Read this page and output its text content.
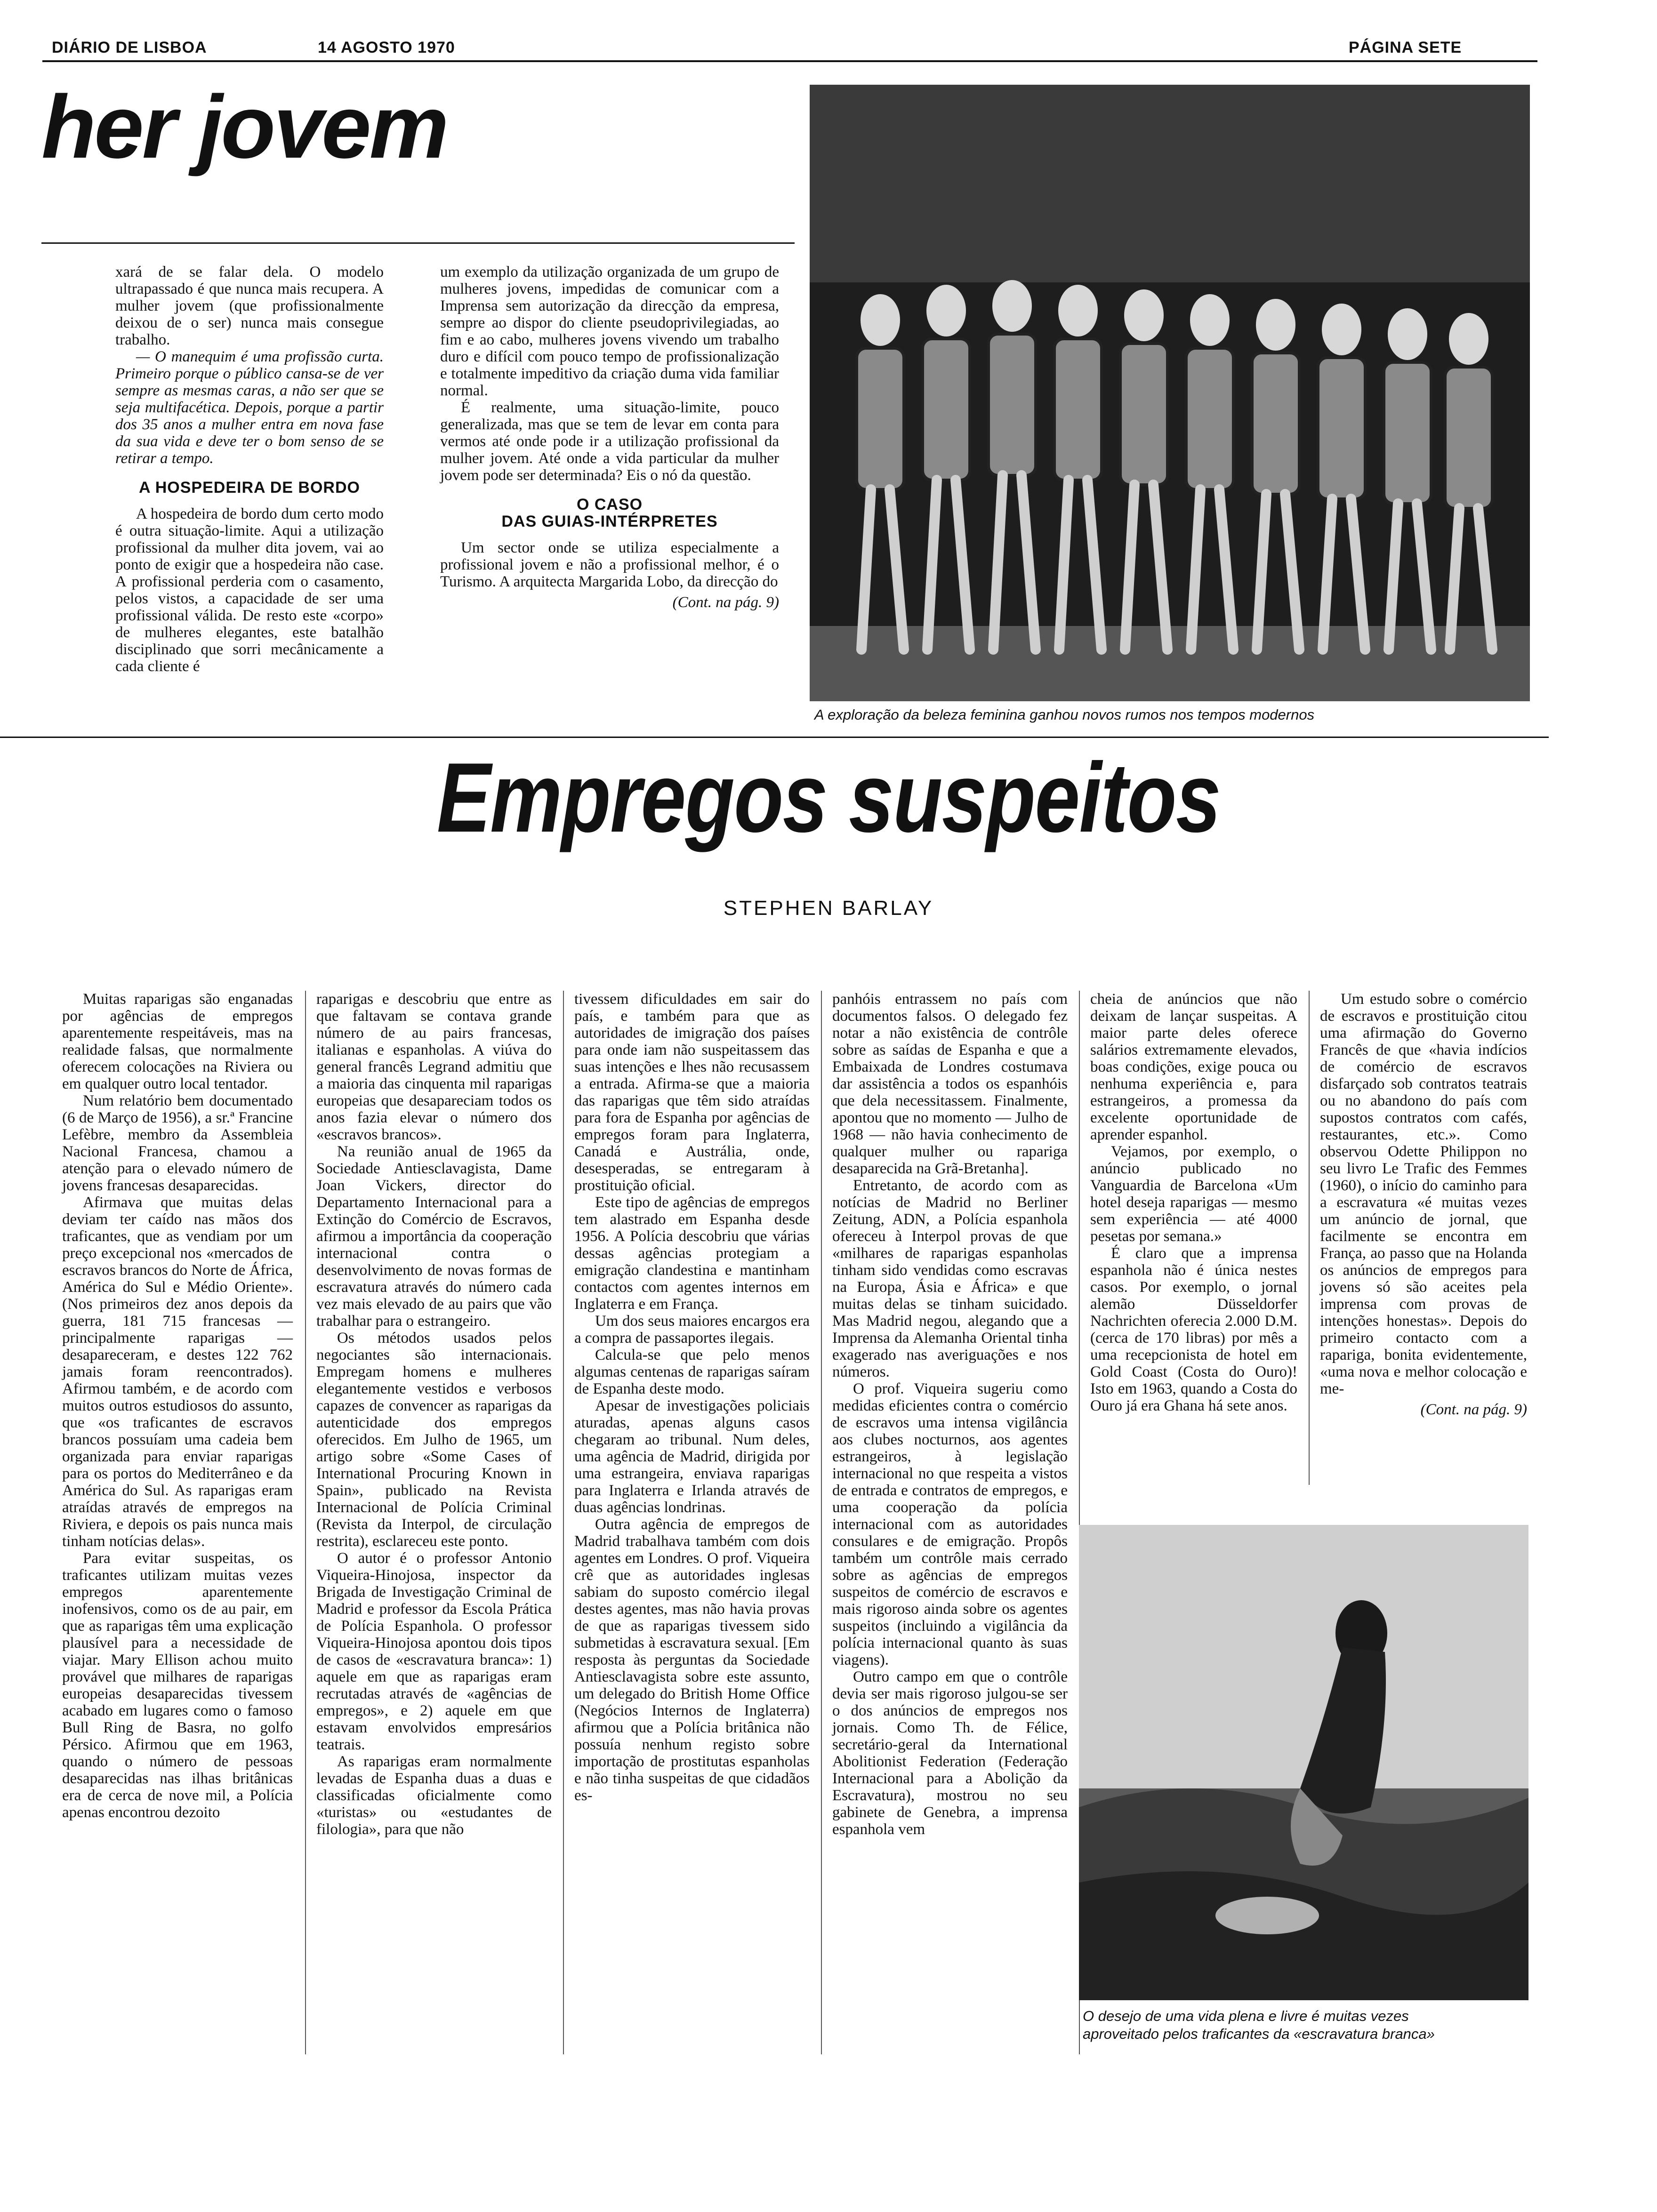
DIÁRIO DE LISBOA	14 AGOSTO 1970	PÁGINA SETE
her jovem

xará de se falar dela. O modelo ultrapassado é que nunca mais recupera. A mulher jovem (que profissionalmente deixou de o ser) nunca mais consegue trabalho.

— O manequim é uma profissão curta. Primeiro porque o público cansa-se de ver sempre as mesmas caras, a não ser que se seja multifacética. Depois, porque a partir dos 35 anos a mulher entra em nova fase da sua vida e deve ter o bom senso de se retirar a tempo.

A HOSPEDEIRA DE BORDO

A hospedeira de bordo dum certo modo é outra situação-limite. Aqui a utilização profissional da mulher dita jovem, vai ao ponto de exigir que a hospedeira não case. A profissional perderia com o casamento, pelos vistos, a capacidade de ser uma profissional válida. De resto este «corpo» de mulheres elegantes, este batalhão disciplinado que sorri mecânicamente a cada cliente é

um exemplo da utilização organizada de um grupo de mulheres jovens, impedidas de comunicar com a Imprensa sem autorização da direcção da empresa, sempre ao dispor do cliente pseudoprivilegiadas, ao fim e ao cabo, mulheres jovens vivendo um trabalho duro e difícil com pouco tempo de profissionalização e totalmente impeditivo da criação duma vida familiar normal.

É realmente, uma situação-limite, pouco generalizada, mas que se tem de levar em conta para vermos até onde pode ir a utilização profissional da mulher jovem. Até onde a vida particular da mulher jovem pode ser determinada? Eis o nó da questão.

O CASO
DAS GUIAS-INTÉRPRETES

Um sector onde se utiliza especialmente a profissional jovem e não a profissional melhor, é o Turismo. A arquitecta Margarida Lobo, da direcção do

(Cont. na pág. 9)
A exploração da beleza feminina ganhou novos rumos nos tempos modernos
Empregos suspeitos
STEPHEN BARLAY

Muitas raparigas são enganadas por agências de empregos aparentemente respeitáveis, mas na realidade falsas, que normalmente oferecem colocações na Riviera ou em qualquer outro local tentador.

Num relatório bem documentado (6 de Março de 1956), a sr.ª Francine Lefèbre, membro da Assembleia Nacional Francesa, chamou a atenção para o elevado número de jovens francesas desaparecidas.

Afirmava que muitas delas deviam ter caído nas mãos dos traficantes, que as vendiam por um preço excepcional nos «mercados de escravos brancos do Norte de África, América do Sul e Médio Oriente». (Nos primeiros dez anos depois da guerra, 181 715 francesas — principalmente raparigas — desapareceram, e destes 122 762 jamais foram reencontrados). Afirmou também, e de acordo com muitos outros estudiosos do assunto, que «os traficantes de escravos brancos possuíam uma cadeia bem organizada para enviar raparigas para os portos do Mediterrâneo e da América do Sul. As raparigas eram atraídas através de empregos na Riviera, e depois os pais nunca mais tinham notícias delas».

Para evitar suspeitas, os traficantes utilizam muitas vezes empregos aparentemente inofensivos, como os de au pair, em que as raparigas têm uma explicação plausível para a necessidade de viajar. Mary Ellison achou muito provável que milhares de raparigas europeias desaparecidas tivessem acabado em lugares como o famoso Bull Ring de Basra, no golfo Pérsico. Afirmou que em 1963, quando o número de pessoas desaparecidas nas ilhas britânicas era de cerca de nove mil, a Polícia apenas encontrou dezoito

raparigas e descobriu que entre as que faltavam se contava grande número de au pairs francesas, italianas e espanholas. A viúva do general francês Legrand admitiu que a maioria das cinquenta mil raparigas europeias que desapareciam todos os anos fazia elevar o número dos «escravos brancos».

Na reunião anual de 1965 da Sociedade Antiesclavagista, Dame Joan Vickers, director do Departamento Internacional para a Extinção do Comércio de Escravos, afirmou a importância da cooperação internacional contra o desenvolvimento de novas formas de escravatura através do número cada vez mais elevado de au pairs que vão trabalhar para o estrangeiro.

Os métodos usados pelos negociantes são internacionais. Empregam homens e mulheres elegantemente vestidos e verbosos capazes de convencer as raparigas da autenticidade dos empregos oferecidos. Em Julho de 1965, um artigo sobre «Some Cases of International Procuring Known in Spain», publicado na Revista Internacional de Polícia Criminal (Revista da Interpol, de circulação restrita), esclareceu este ponto.

O autor é o professor Antonio Viqueira-Hinojosa, inspector da Brigada de Investigação Criminal de Madrid e professor da Escola Prática de Polícia Espanhola. O professor Viqueira-Hinojosa apontou dois tipos de casos de «escravatura branca»: 1) aquele em que as raparigas eram recrutadas através de «agências de empregos», e 2) aquele em que estavam envolvidos empresários teatrais.

As raparigas eram normalmente levadas de Espanha duas a duas e classificadas oficialmente como «turistas» ou «estudantes de filologia», para que não

tivessem dificuldades em sair do país, e também para que as autoridades de imigração dos países para onde iam não suspeitassem das suas intenções e lhes não recusassem a entrada. Afirma-se que a maioria das raparigas que têm sido atraídas para fora de Espanha por agências de empregos foram para Inglaterra, Canadá e Austrália, onde, desesperadas, se entregaram à prostituição oficial.

Este tipo de agências de empregos tem alastrado em Espanha desde 1956. A Polícia descobriu que várias dessas agências protegiam a emigração clandestina e mantinham contactos com agentes internos em Inglaterra e em França.

Um dos seus maiores encargos era a compra de passaportes ilegais.

Calcula-se que pelo menos algumas centenas de raparigas saíram de Espanha deste modo.

Apesar de investigações policiais aturadas, apenas alguns casos chegaram ao tribunal. Num deles, uma agência de Madrid, dirigida por uma estrangeira, enviava raparigas para Inglaterra e Irlanda através de duas agências londrinas.

Outra agência de empregos de Madrid trabalhava também com dois agentes em Londres. O prof. Viqueira crê que as autoridades inglesas sabiam do suposto comércio ilegal destes agentes, mas não havia provas de que as raparigas tivessem sido submetidas à escravatura sexual. [Em resposta às perguntas da Sociedade Antiesclavagista sobre este assunto, um delegado do British Home Office (Negócios Internos de Inglaterra) afirmou que a Polícia britânica não possuía nenhum registo sobre importação de prostitutas espanholas e não tinha suspeitas de que cidadãos es-

panhóis entrassem no país com documentos falsos. O delegado fez notar a não existência de contrôle sobre as saídas de Espanha e que a Embaixada de Londres costumava dar assistência a todos os espanhóis que dela necessitassem. Finalmente, apontou que no momento — Julho de 1968 — não havia conhecimento de qualquer mulher ou rapariga desaparecida na Grã-Bretanha].

Entretanto, de acordo com as notícias de Madrid no Berliner Zeitung, ADN, a Polícia espanhola ofereceu à Interpol provas de que «milhares de raparigas espanholas tinham sido vendidas como escravas na Europa, Ásia e África» e que muitas delas se tinham suicidado. Mas Madrid negou, alegando que a Imprensa da Alemanha Oriental tinha exagerado nas averiguações e nos números.

O prof. Viqueira sugeriu como medidas eficientes contra o comércio de escravos uma intensa vigilância aos clubes nocturnos, aos agentes estrangeiros, à legislação internacional no que respeita a vistos de entrada e contratos de empregos, e uma cooperação da polícia internacional com as autoridades consulares e de emigração. Propôs também um contrôle mais cerrado sobre as agências de empregos suspeitos de comércio de escravos e mais rigoroso ainda sobre os agentes suspeitos (incluindo a vigilância da polícia internacional quanto às suas viagens).

Outro campo em que o contrôle devia ser mais rigoroso julgou-se ser o dos anúncios de empregos nos jornais. Como Th. de Félice, secretário-geral da International Abolitionist Federation (Federação Internacional para a Abolição da Escravatura), mostrou no seu gabinete de Genebra, a imprensa espanhola vem

cheia de anúncios que não deixam de lançar suspeitas. A maior parte deles oferece salários extremamente elevados, boas condições, exige pouca ou nenhuma experiência e, para estrangeiros, a promessa da excelente oportunidade de aprender espanhol.

Vejamos, por exemplo, o anúncio publicado no Vanguardia de Barcelona «Um hotel deseja raparigas — mesmo sem experiência — até 4000 pesetas por semana.»

É claro que a imprensa espanhola não é única nestes casos. Por exemplo, o jornal alemão Düsseldorfer Nachrichten oferecia 2.000 D.M. (cerca de 170 libras) por mês a uma recepcionista de hotel em Gold Coast (Costa do Ouro)! Isto em 1963, quando a Costa do Ouro já era Ghana há sete anos.

Um estudo sobre o comércio de escravos e prostituição citou uma afirmação do Governo Francês de que «havia indícios de comércio de escravos disfarçado sob contratos teatrais ou no abandono do país com supostos contratos com cafés, restaurantes, etc.». Como observou Odette Philippon no seu livro Le Trafic des Femmes (1960), o início do caminho para a escravatura «é muitas vezes um anúncio de jornal, que facilmente se encontra em França, ao passo que na Holanda os anúncios de empregos para jovens só são aceites pela imprensa com provas de intenções honestas». Depois do primeiro contacto com a rapariga, bonita evidentemente, «uma nova e melhor colocação e me-

(Cont. na pág. 9)
O desejo de uma vida plena e livre é muitas vezes
aproveitado pelos traficantes da «escravatura branca»
